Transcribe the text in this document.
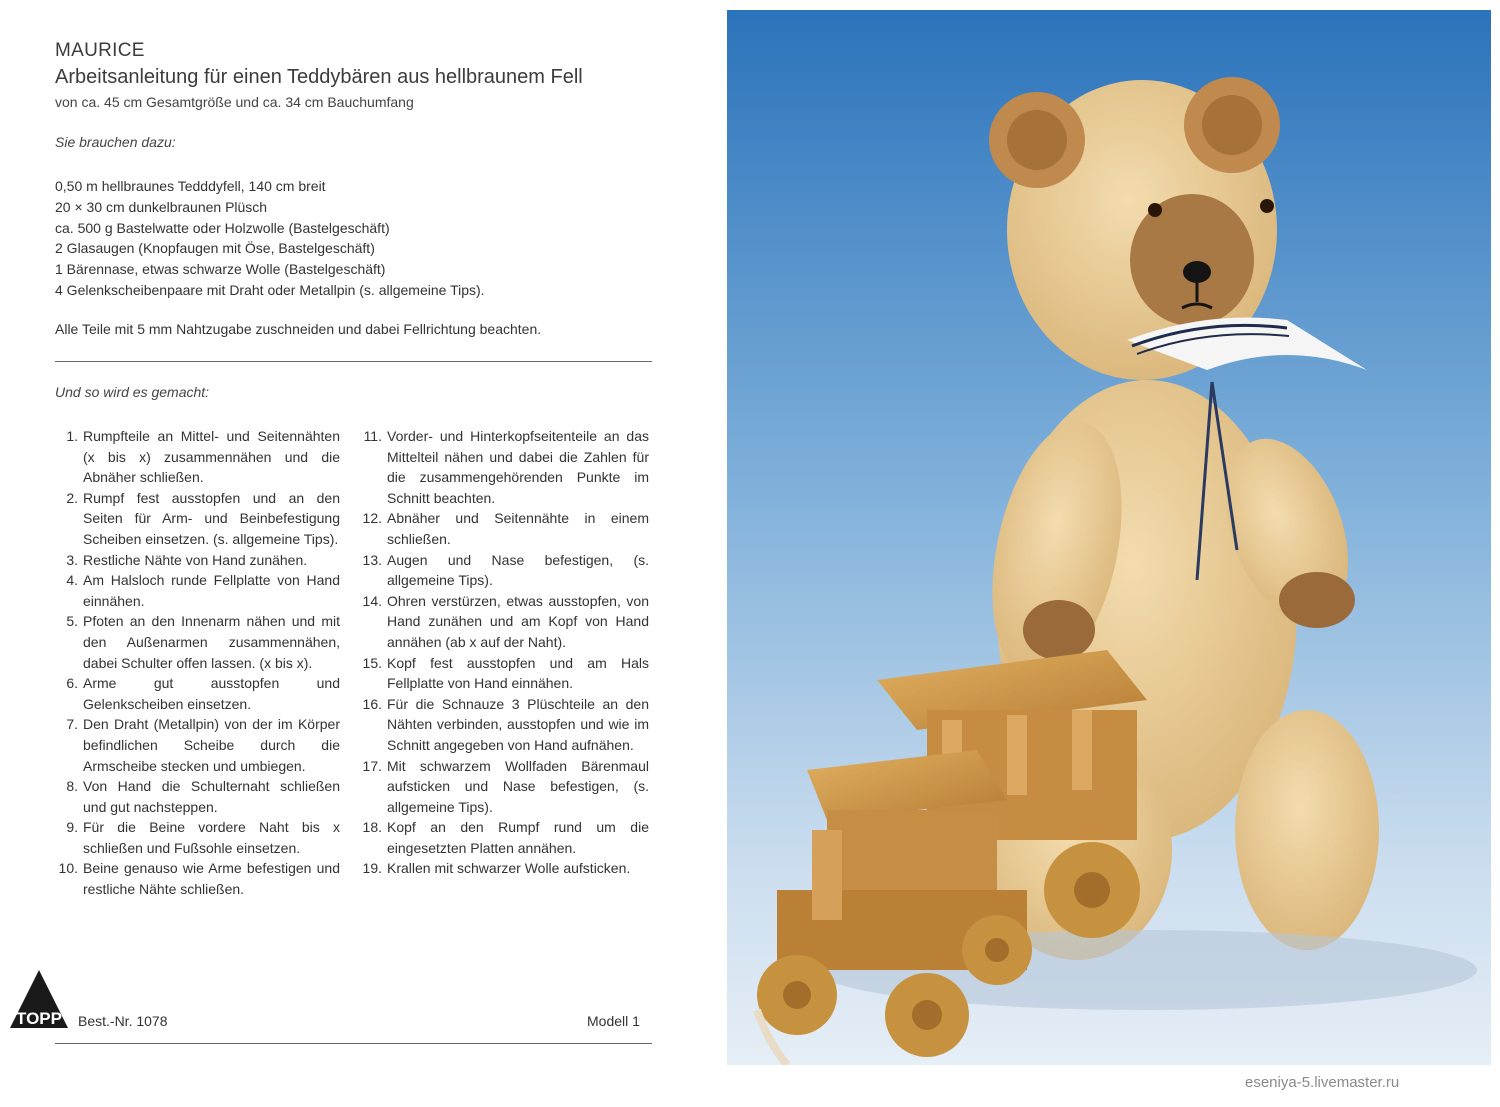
MAURICE
Arbeitsanleitung für einen Teddybären aus hellbraunem Fell
von ca. 45 cm Gesamtgröße und ca. 34 cm Bauchumfang
Sie brauchen dazu:
0,50 m hellbraunes Tedddyfell, 140 cm breit
20 × 30 cm dunkelbraunen Plüsch
ca. 500 g Bastelwatte oder Holzwolle (Bastelgeschäft)
2 Glasaugen (Knopfaugen mit Öse, Bastelgeschäft)
1 Bärennase, etwas schwarze Wolle (Bastelgeschäft)
4 Gelenkscheibenpaare mit Draht oder Metallpin (s. allgemeine Tips).
Alle Teile mit 5 mm Nahtzugabe zuschneiden und dabei Fellrichtung beachten.
Und so wird es gemacht:
1. Rumpfteile an Mittel- und Seitennähten (x bis x) zusammennähen und die Abnäher schließen.
2. Rumpf fest ausstopfen und an den Seiten für Arm- und Beinbefestigung Scheiben einsetzen. (s. allgemeine Tips).
3. Restliche Nähte von Hand zunähen.
4. Am Halsloch runde Fellplatte von Hand einnähen.
5. Pfoten an den Innenarm nähen und mit den Außenarmen zusammennähen, dabei Schulter offen lassen. (x bis x).
6. Arme gut ausstopfen und Gelenkscheiben einsetzen.
7. Den Draht (Metallpin) von der im Körper befindlichen Scheibe durch die Armscheibe stecken und umbiegen.
8. Von Hand die Schulternaht schließen und gut nachsteppen.
9. Für die Beine vordere Naht bis x schließen und Fußsohle einsetzen.
10. Beine genauso wie Arme befestigen und restliche Nähte schließen.
11. Vorder- und Hinterkopfseitenteile an das Mittelteil nähen und dabei die Zahlen für die zusammengehörenden Punkte im Schnitt beachten.
12. Abnäher und Seitennähte in einem schließen.
13. Augen und Nase befestigen, (s. allgemeine Tips).
14. Ohren verstürzen, etwas ausstopfen, von Hand zunähen und am Kopf von Hand annähen (ab x auf der Naht).
15. Kopf fest ausstopfen und am Hals Fellplatte von Hand einnähen.
16. Für die Schnauze 3 Plüschteile an den Nähten verbinden, ausstopfen und wie im Schnitt angegeben von Hand aufnähen.
17. Mit schwarzem Wollfaden Bärenmaul aufsticken und Nase befestigen, (s. allgemeine Tips).
18. Kopf an den Rumpf rund um die eingesetzten Platten annähen.
19. Krallen mit schwarzer Wolle aufsticken.
TOPP Best.-Nr. 1078	Modell 1
eseniya-5.livemaster.ru
